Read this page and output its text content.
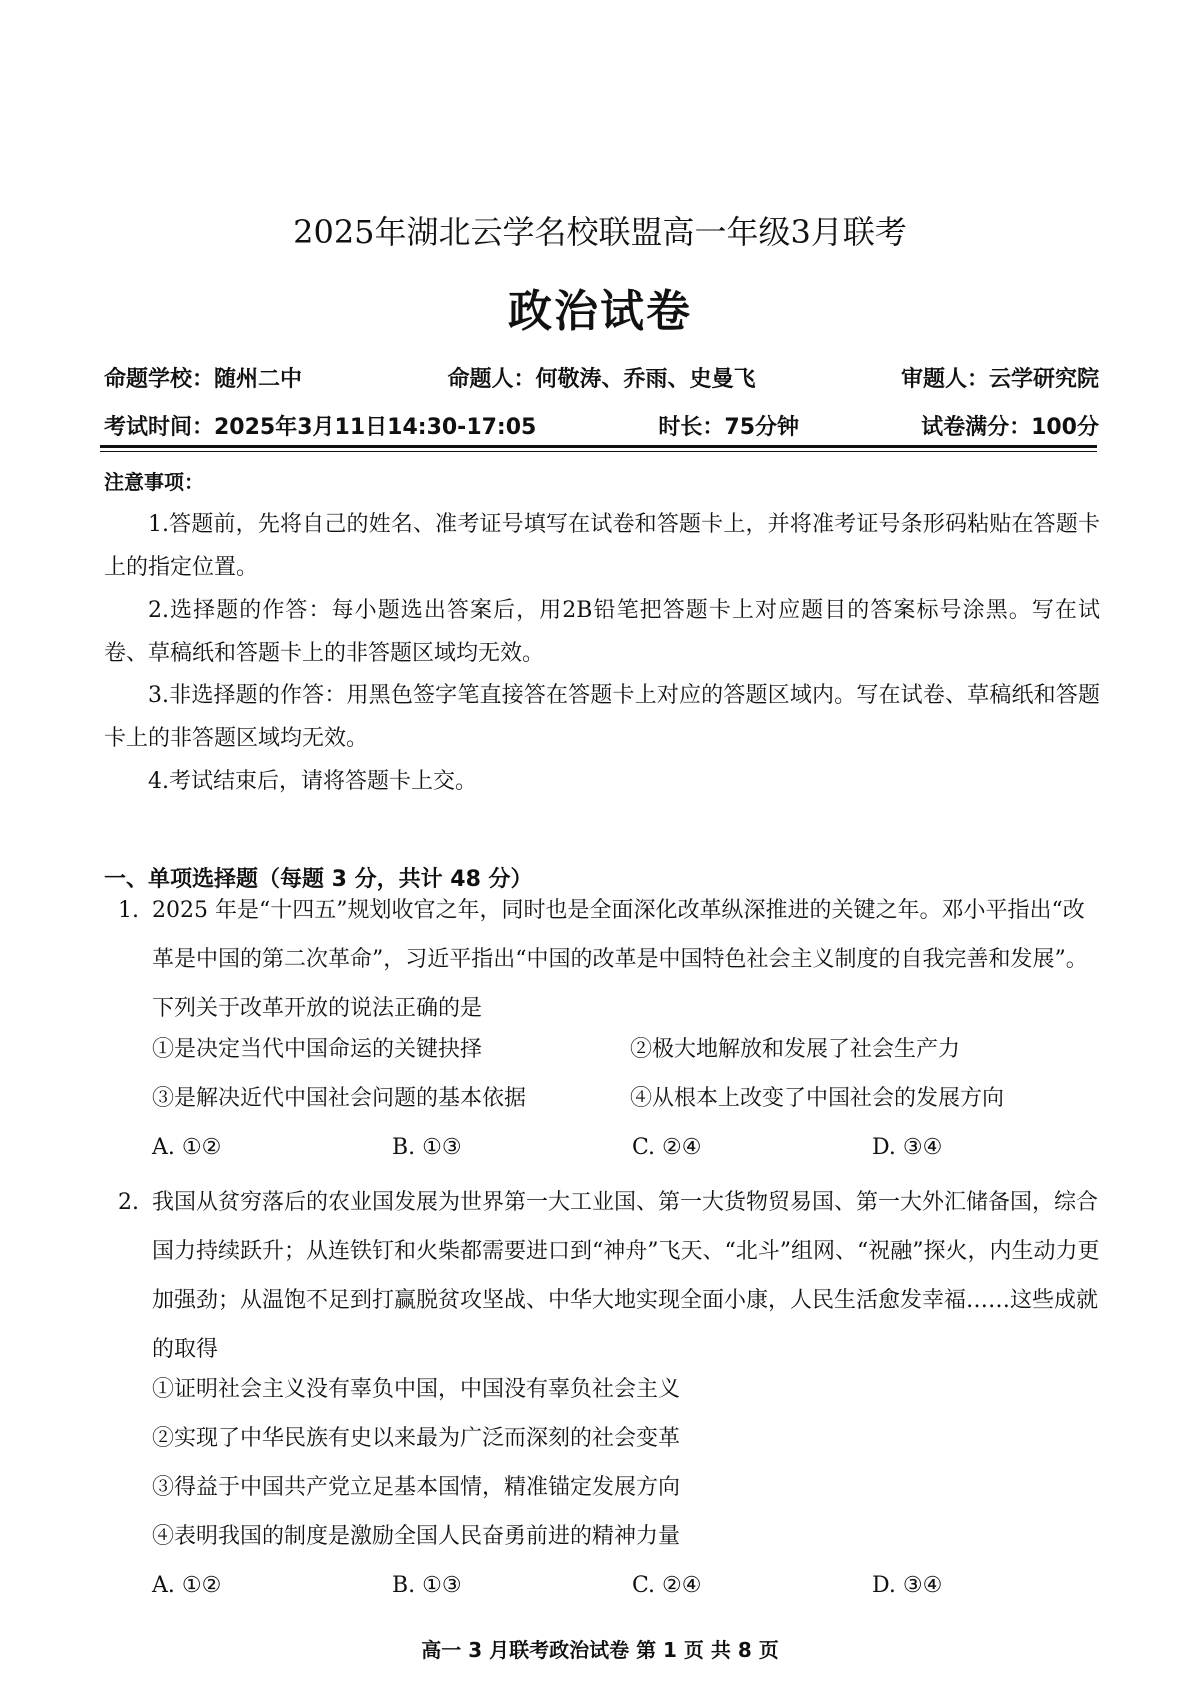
2025年湖北云学名校联盟高一年级3月联考
政治试卷
命题学校：随州二中	命题人：何敬涛、乔雨、史曼飞	审题人：云学研究院
考试时间：2025年3月11日14:30-17:05	时长：75分钟	试卷满分：100分
注意事项：
1.答题前，先将自己的姓名、准考证号填写在试卷和答题卡上，并将准考证号条形码粘贴在答题卡上的指定位置。
2.选择题的作答：每小题选出答案后，用2B铅笔把答题卡上对应题目的答案标号涂黑。写在试卷、草稿纸和答题卡上的非答题区域均无效。
3.非选择题的作答：用黑色签字笔直接答在答题卡上对应的答题区域内。写在试卷、草稿纸和答题卡上的非答题区域均无效。
4.考试结束后，请将答题卡上交。
一、单项选择题（每题 3 分，共计 48 分）
1. 2025 年是“十四五”规划收官之年，同时也是全面深化改革纵深推进的关键之年。邓小平指出“改革是中国的第二次革命”，习近平指出“中国的改革是中国特色社会主义制度的自我完善和发展”。下列关于改革开放的说法正确的是
①是决定当代中国命运的关键抉择	②极大地解放和发展了社会生产力
③是解决近代中国社会问题的基本依据	④从根本上改变了中国社会的发展方向
A. ①②	B. ①③	C. ②④	D. ③④
2. 我国从贫穷落后的农业国发展为世界第一大工业国、第一大货物贸易国、第一大外汇储备国，综合国力持续跃升；从连铁钉和火柴都需要进口到“神舟”飞天、“北斗”组网、“祝融”探火，内生动力更加强劲；从温饱不足到打赢脱贫攻坚战、中华大地实现全面小康，人民生活愈发幸福……这些成就的取得
①证明社会主义没有辜负中国，中国没有辜负社会主义
②实现了中华民族有史以来最为广泛而深刻的社会变革
③得益于中国共产党立足基本国情，精准锚定发展方向
④表明我国的制度是激励全国人民奋勇前进的精神力量
A. ①②	B. ①③	C. ②④	D. ③④
高一 3 月联考政治试卷 第 1 页 共 8 页
